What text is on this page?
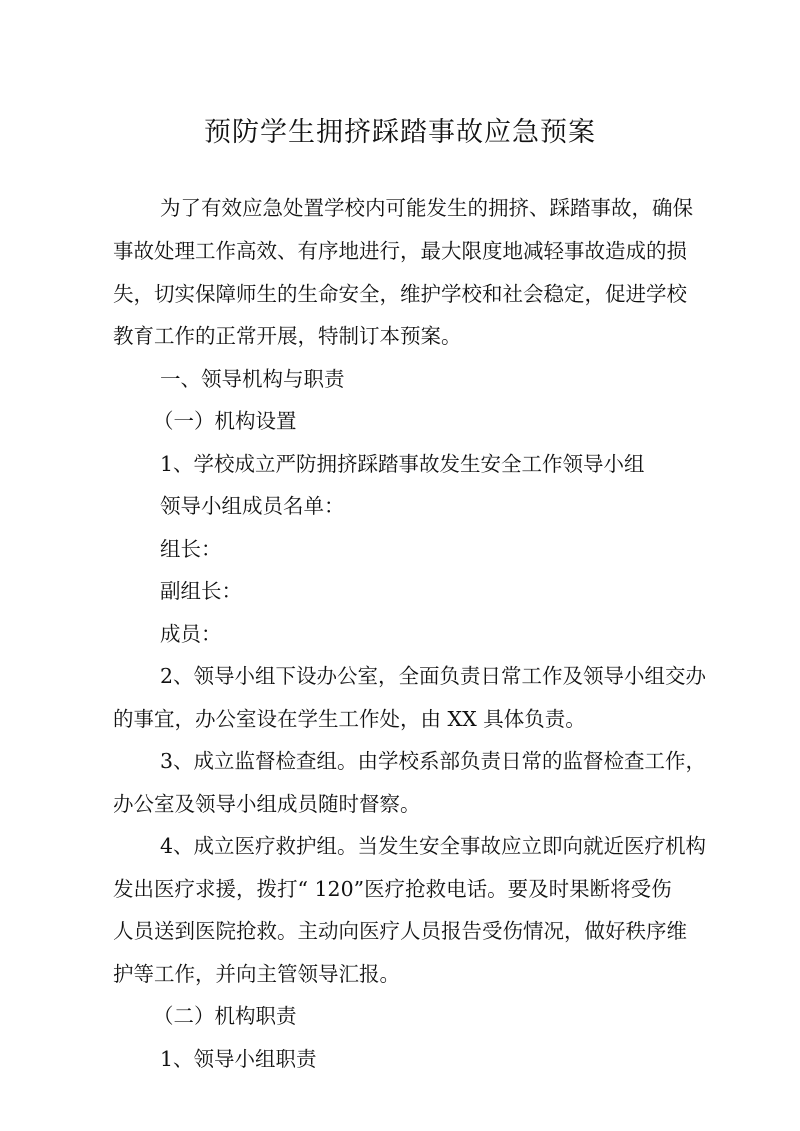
预防学生拥挤踩踏事故应急预案
为了有效应急处置学校内可能发生的拥挤、踩踏事故，确保
事故处理工作高效、有序地进行，最大限度地减轻事故造成的损
失，切实保障师生的生命安全，维护学校和社会稳定，促进学校
教育工作的正常开展，特制订本预案。
一、领导机构与职责
（一）机构设置
1、学校成立严防拥挤踩踏事故发生安全工作领导小组
领导小组成员名单：
组长：
副组长：
成员：
2、领导小组下设办公室，全面负责日常工作及领导小组交办
的事宜，办公室设在学生工作处，由 XX 具体负责。
3、成立监督检查组。由学校系部负责日常的监督检查工作，
办公室及领导小组成员随时督察。
4、成立医疗救护组。当发生安全事故应立即向就近医疗机构
发出医疗求援，拨打“ 120”医疗抢救电话。要及时果断将受伤
人员送到医院抢救。主动向医疗人员报告受伤情况，做好秩序维
护等工作，并向主管领导汇报。
（二）机构职责
1、领导小组职责
